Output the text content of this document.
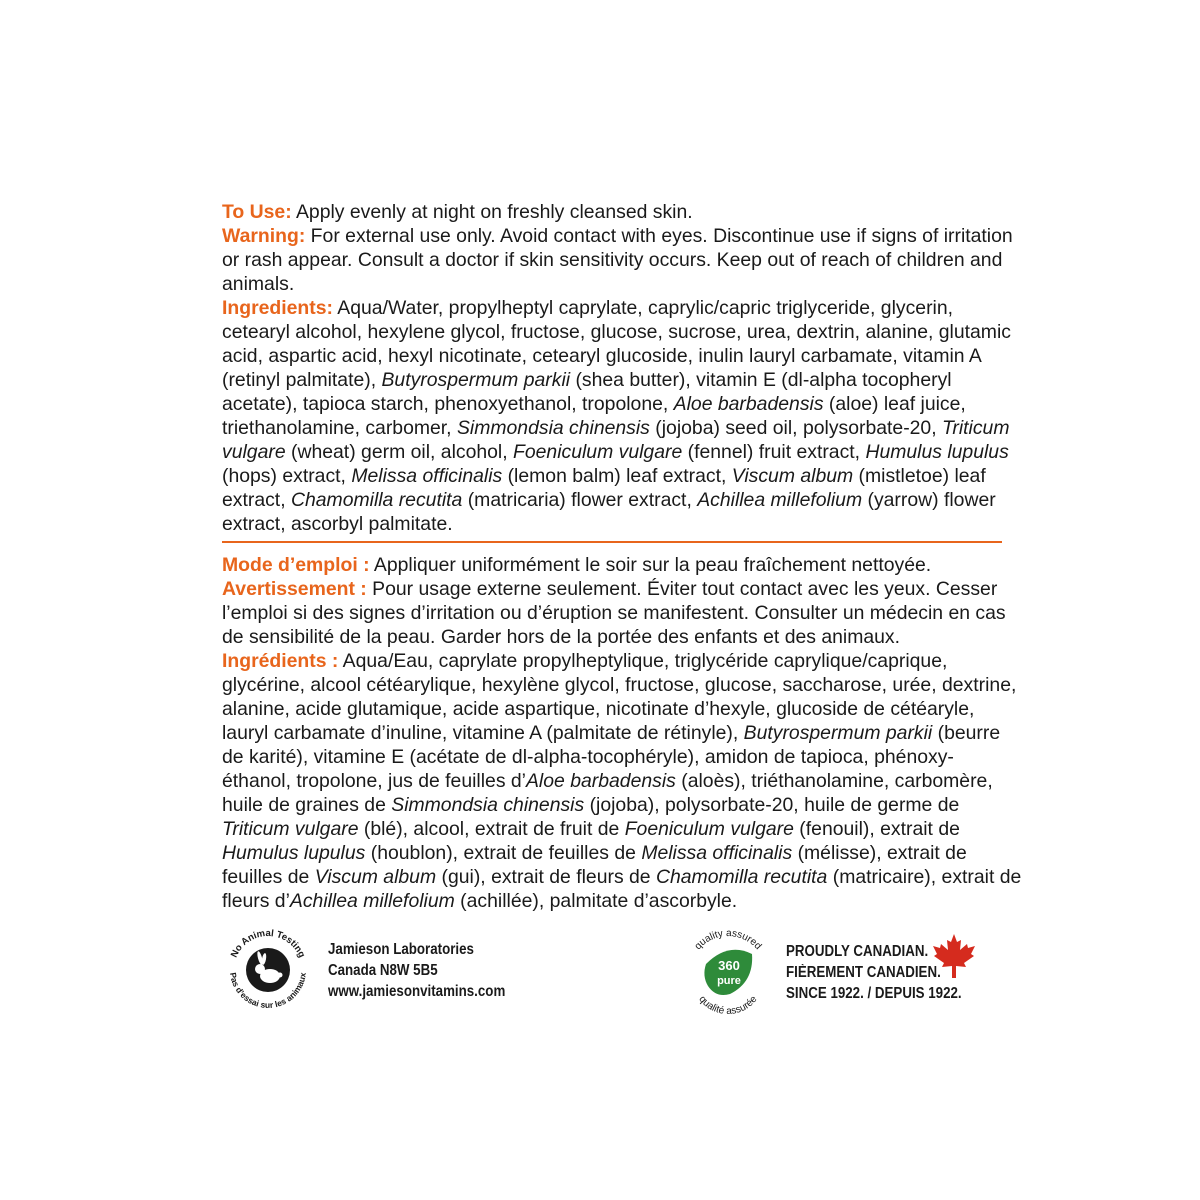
To Use: Apply evenly at night on freshly cleansed skin.

Warning: For external use only. Avoid contact with eyes. Discontinue use if signs of irritation or rash appear. Consult a doctor if skin sensitivity occurs. Keep out of reach of children and animals.

Ingredients: Aqua/Water, propylheptyl caprylate, caprylic/capric triglyceride, glycerin, cetearyl alcohol, hexylene glycol, fructose, glucose, sucrose, urea, dextrin, alanine, glutamic acid, aspartic acid, hexyl nicotinate, cetearyl glucoside, inulin lauryl carbamate, vitamin A (retinyl palmitate), Butyrospermum parkii (shea butter), vitamin E (dl-alpha tocopheryl acetate), tapioca starch, phenoxyethanol, tropolone, Aloe barbadensis (aloe) leaf juice, triethanolamine, carbomer, Simmondsia chinensis (jojoba) seed oil, polysorbate-20, Triticum vulgare (wheat) germ oil, alcohol, Foeniculum vulgare (fennel) fruit extract, Humulus lupulus (hops) extract, Melissa officinalis (lemon balm) leaf extract, Viscum album (mistletoe) leaf extract, Chamomilla recutita (matricaria) flower extract, Achillea millefolium (yarrow) flower extract, ascorbyl palmitate.

Mode d’emploi : Appliquer uniformément le soir sur la peau fraîchement nettoyée.

Avertissement : Pour usage externe seulement. Éviter tout contact avec les yeux. Cesser l’emploi si des signes d’irritation ou d’éruption se manifestent. Consulter un médecin en cas de sensibilité de la peau. Garder hors de la portée des enfants et des animaux.

Ingrédients : Aqua/Eau, caprylate propylheptylique, triglycéride caprylique/caprique, glycérine, alcool cétéarylique, hexylène glycol, fructose, glucose, saccharose, urée, dextrine, alanine, acide glutamique, acide aspartique, nicotinate d’hexyle, glucoside de cétéaryle, lauryl carbamate d’inuline, vitamine A (palmitate de rétinyle), Butyrospermum parkii (beurre de karité), vitamine E (acétate de dl-alpha-tocophéryle), amidon de tapioca, phénoxy-éthanol, tropolone, jus de feuilles d’Aloe barbadensis (aloès), triéthanolamine, carbomère, huile de graines de Simmondsia chinensis (jojoba), polysorbate-20, huile de germe de Triticum vulgare (blé), alcool, extrait de fruit de Foeniculum vulgare (fenouil), extrait de Humulus lupulus (houblon), extrait de feuilles de Melissa officinalis (mélisse), extrait de feuilles de Viscum album (gui), extrait de fleurs de Chamomilla recutita (matricaire), extrait de fleurs d’Achillea millefolium (achillée), palmitate d’ascorbyle.

No Animal Testing
Pas d’essai sur les animaux
Jamieson Laboratories
Canada N8W 5B5
www.jamiesonvitamins.com
quality assured
qualité assurée
360
pure
PROUDLY CANADIAN.
FIÈREMENT CANADIEN.
SINCE 1922. / DEPUIS 1922.
